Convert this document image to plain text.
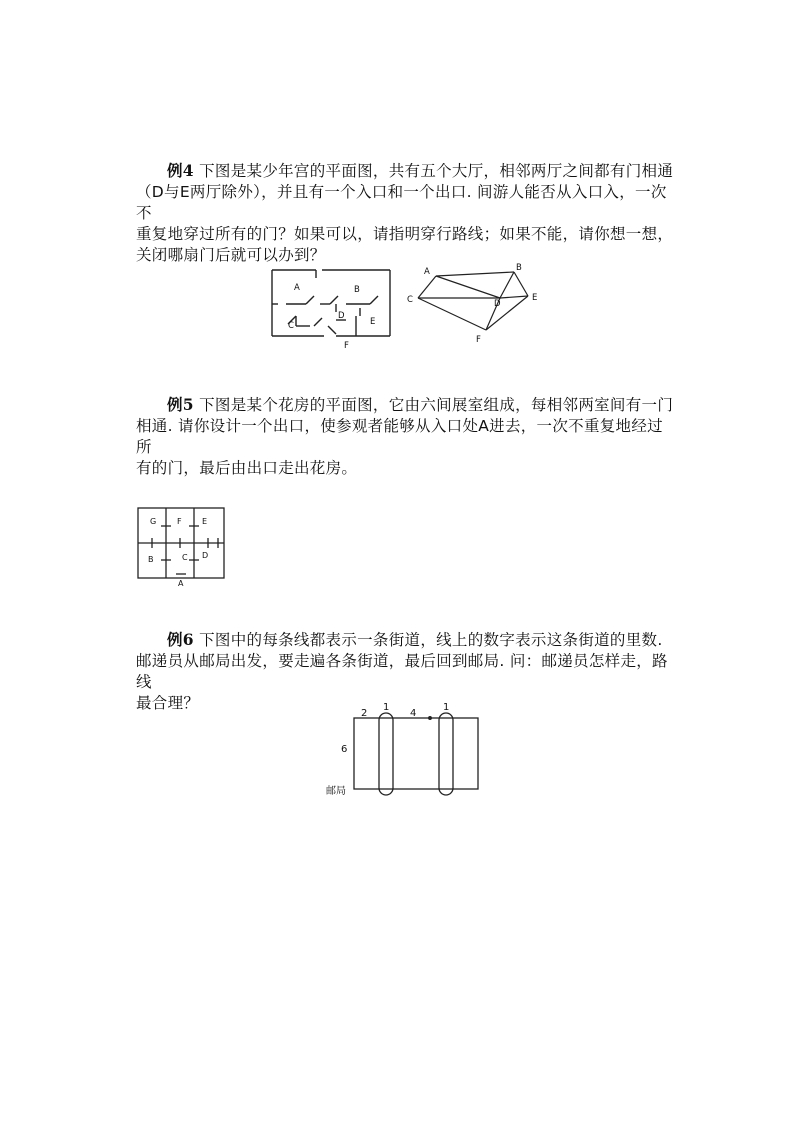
例4 下图是某少年宫的平面图，共有五个大厅，相邻两厅之间都有门相通
（D与E两厅除外），并且有一个入口和一个出口. 间游人能否从入口入，一次不
重复地穿过所有的门？如果可以，请指明穿行路线；如果不能，请你想一想，
关闭哪扇门后就可以办到？
A	B
C
D
E
F
A	B
C	D
E
F
例5 下图是某个花房的平面图，它由六间展室组成，每相邻两室间有一门
相通. 请你设计一个出口，使参观者能够从入口处A进去，一次不重复地经过所
有的门，最后由出口走出花房。
G	F	E
B	C D
A
例6 下图中的每条线都表示一条街道，线上的数字表示这条街道的里数.
邮递员从邮局出发，要走遍各条街道，最后回到邮局. 问：邮递员怎样走，路线
最合理？
2
1
4
1
6
邮局
